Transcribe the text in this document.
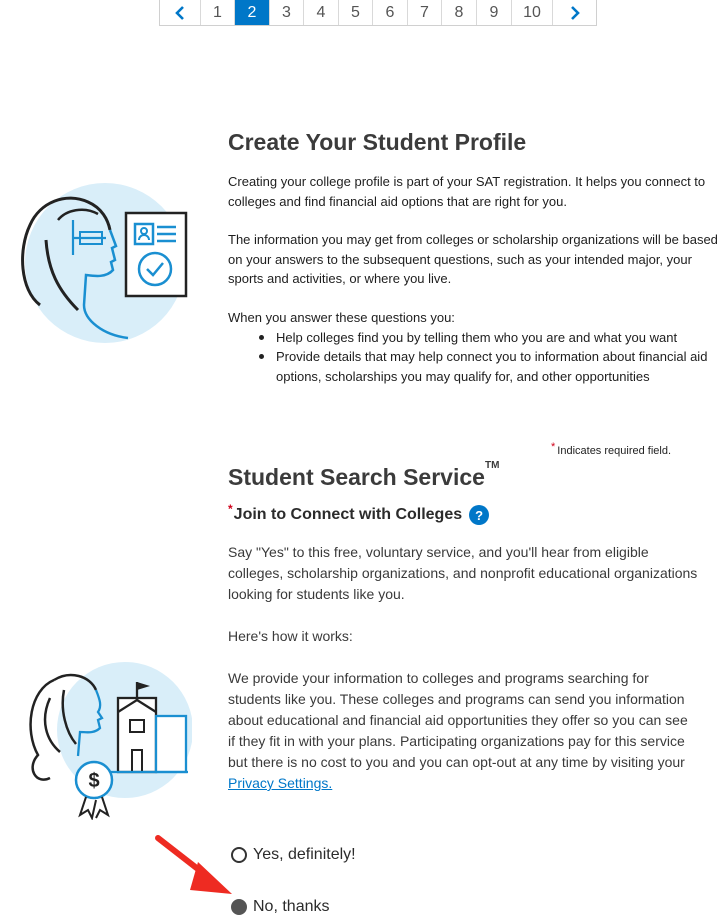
1	2	3	4	5	6	7	8	9	10
Create Your Student Profile
Creating your college profile is part of your SAT registration. It helps you connect to colleges and find financial aid options that are right for you.
The information you may get from colleges or scholarship organizations will be based on your answers to the subsequent questions, such as your intended major, your sports and activities, or where you live.
When you answer these questions you:
Help colleges find you by telling them who you are and what you want
Provide details that may help connect you to information about financial aid options, scholarships you may qualify for, and other opportunities
* Indicates required field.
Student Search Service TM
* Join to Connect with Colleges	?
Say "Yes" to this free, voluntary service, and you'll hear from eligible colleges, scholarship organizations, and nonprofit educational organizations looking for students like you.
Here's how it works:
We provide your information to colleges and programs searching for students like you. These colleges and programs can send you information about educational and financial aid opportunities they offer so you can see if they fit in with your plans. Participating organizations pay for this service but there is no cost to you and you can opt-out at any time by visiting your Privacy Settings.
$
Yes, definitely!
No, thanks
